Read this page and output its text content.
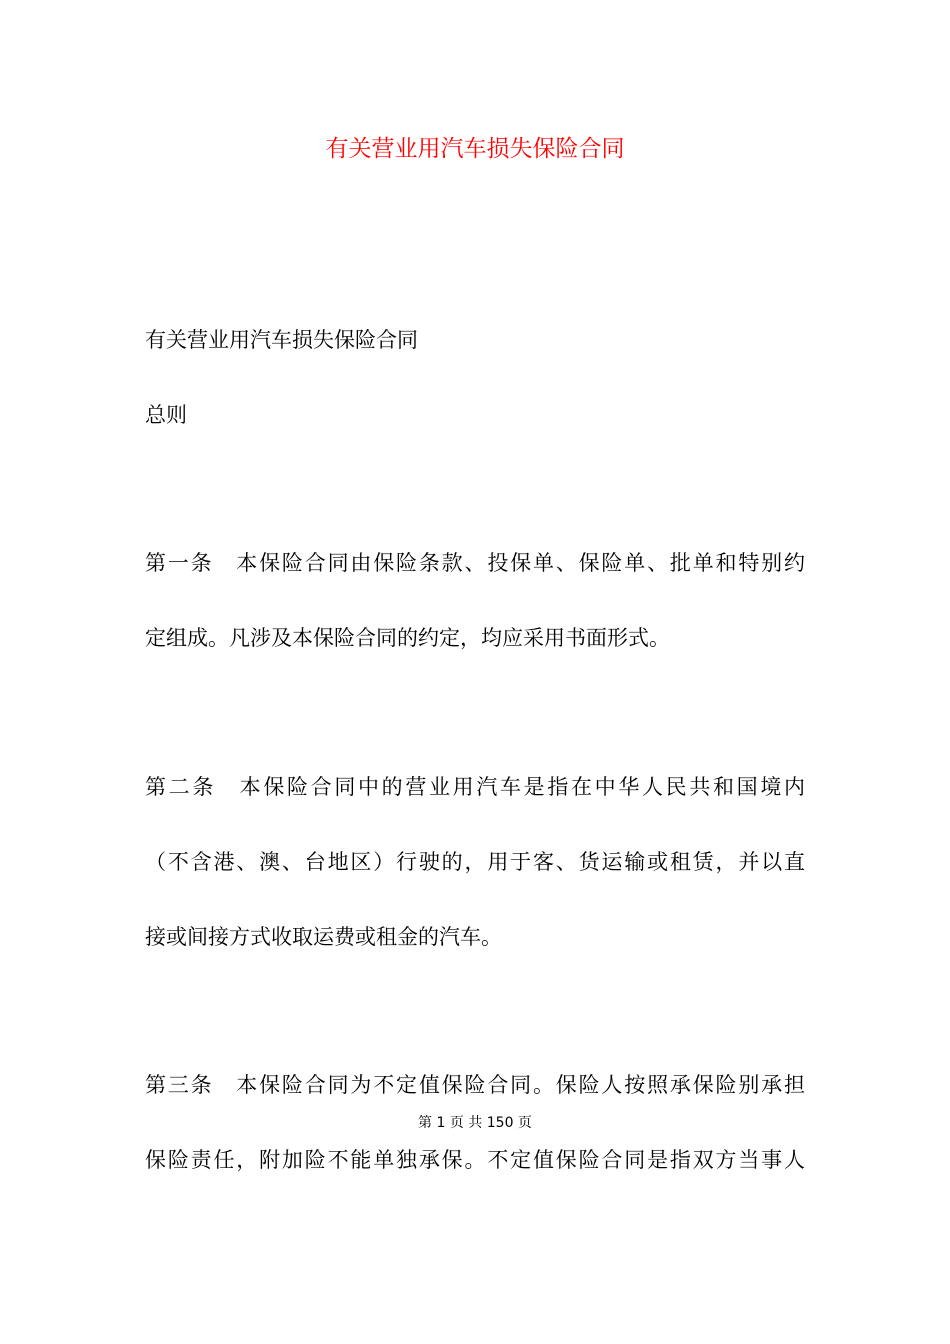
有关营业用汽车损失保险合同
有关营业用汽车损失保险合同
总则
第一条　本保险合同由保险条款、投保单、保险单、批单和特别约
定组成。凡涉及本保险合同的约定，均应采用书面形式。
第二条　本保险合同中的营业用汽车是指在中华人民共和国境内
（不含港、澳、台地区）行驶的，用于客、货运输或租赁，并以直
接或间接方式收取运费或租金的汽车。
第三条　本保险合同为不定值保险合同。保险人按照承保险别承担
第 1 页 共 150 页
保险责任，附加险不能单独承保。不定值保险合同是指双方当事人
